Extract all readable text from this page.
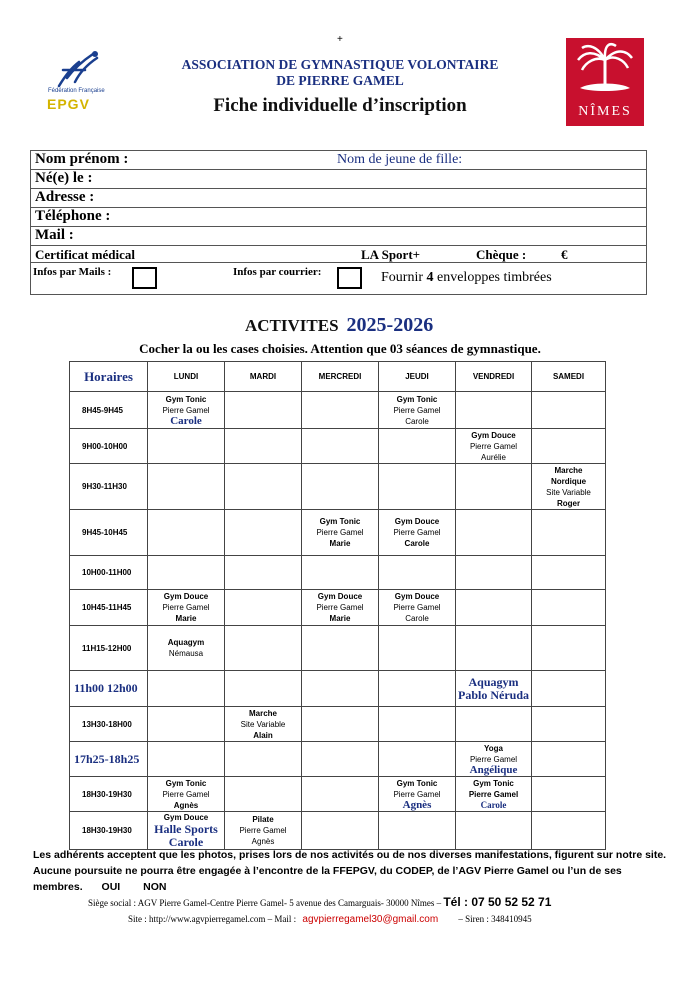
+
Fédération Française
EPGV
ASSOCIATION DE GYMNASTIQUE VOLONTAIRE
DE PIERRE GAMEL
Fiche individuelle d’inscription	NÎMES
Nom prénom :	Nom de jeune de fille:
Né(e) le :
Adresse :
Téléphone :
Mail :
Certificat médical	LA Sport+	Chèque :	€
Infos par Mails :	Infos par courrier:	Fournir 4 enveloppes timbrées
ACTIVITES 2025-2026
Cocher la ou les cases choisies. Attention que 03 séances de gymnastique.
Horaires	LUNDI	MARDI	MERCREDI	JEUDI	VENDREDI	SAMEDI
8H45-9H45	Gym Tonic
Pierre Gamel
Carole			Gym Tonic
Pierre Gamel
Carole		

9H00-10H00					Gym Douce
Pierre Gamel
Aurélie	

9H30-11H30						Marche
Nordique
Site Variable
Roger

9H45-10H45			Gym Tonic
Pierre Gamel
Marie	Gym Douce
Pierre Gamel
Carole		

10H00-11H00						
10H45-11H45	Gym Douce
Pierre Gamel
Marie		Gym Douce
Pierre Gamel
Marie	Gym Douce
Pierre Gamel
Carole		

11H15-12H00	Aquagym
Némausa					

11h00 12h00					Aquagym
Pablo Néruda	

13H30-18H00		Marche
Site Variable
Alain				

17h25-18h25					Yoga
Pierre Gamel
Angélique	

18H30-19H30	Gym Tonic
Pierre Gamel
Agnès			Gym Tonic
Pierre Gamel
Agnès	Gym Tonic
Pierre Gamel
Carole	

18H30-19H30	Gym Douce
Halle Sports
Carole	Pilate
Pierre Gamel
Agnès				

Les adhérents acceptent que les photos, prises lors de nos activités ou de nos diverses manifestations, figurent sur notre site.
Aucune poursuite ne pourra être engagée à l’encontre de la FFEPGV, du CODEP, de l’AGV Pierre Gamel ou l’un de ses
membres. OUI NON
Siège social : AGV Pierre Gamel-Centre Pierre Gamel- 5 avenue des Camarguais- 30000 Nîmes – Tél : 07 50 52 52 71
Site : http://www.agvpierregamel.com – Mail : agvpierregamel30@gmail.com – Siren : 348410945
